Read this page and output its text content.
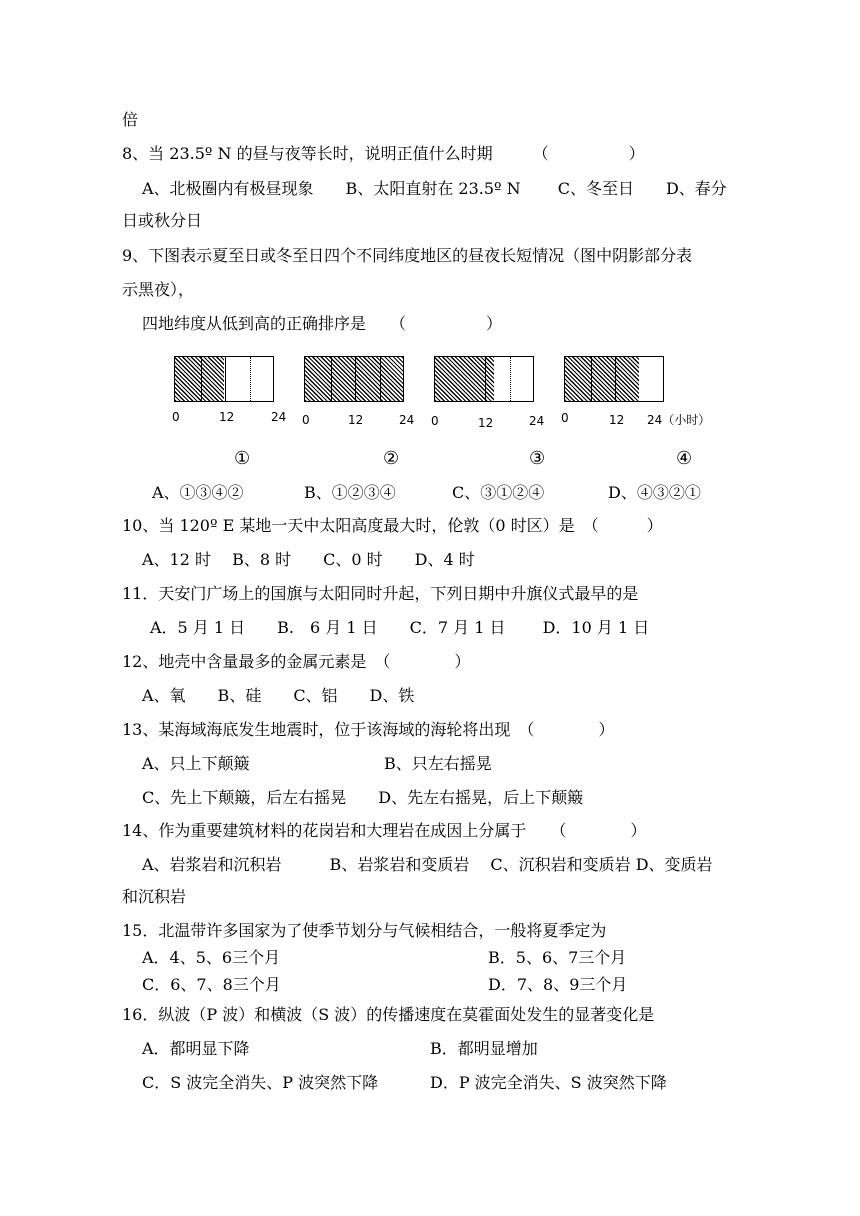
倍
8、当 23.5º N 的昼与夜等长时，说明正值什么时期　　　（　　　　　）
A、北极圈内有极昼现象　　B、太阳直射在 23.5º N　　 C、冬至日　　D、春分
日或秋分日
9、下图表示夏至日或冬至日四个不同纬度地区的昼夜长短情况（图中阴影部分表
示黑夜），
四地纬度从低到高的正确排序是　　（　　　　　）
0	12	24 0	12	24 0	12	24 0	12 24（小时）
①	②	③	④
A、①③④②	B、①②③④	C、③①②④	D、④③②①
10、当 120º E 某地一天中太阳高度最大时，伦敦（0 时区）是　（　　　）
A、12 时　 B、8 时　　C、0 时　　D、4 时
11．天安门广场上的国旗与太阳同时升起，下列日期中升旗仪式最早的是
A．5 月 1 日　　B.　6 月 1 日　　C．7 月 1 日　　 D．10 月 1 日
12、地壳中含量最多的金属元素是　（　　　　）
A、氧　　B、硅　　C、铝　　D、铁
13、某海域海底发生地震时，位于该海域的海轮将出现　（　　　　）
A、只上下颠簸	B、只左右摇晃
C、先上下颠簸，后左右摇晃　　D、先左右摇晃，后上下颠簸
14、作为重要建筑材料的花岗岩和大理岩在成因上分属于　　（　　　　）
A、岩浆岩和沉积岩　　　B、岩浆岩和变质岩　 C、沉积岩和变质岩 D、变质岩
和沉积岩
15．北温带许多国家为了使季节划分与气候相结合，一般将夏季定为
A．4、5、6三个月	B．5、6、7三个月
C．6、7、8三个月	D．7、8、9三个月
16．纵波（P 波）和横波（S 波）的传播速度在莫霍面处发生的显著变化是
A．都明显下降	B．都明显增加
C．S 波完全消失、P 波突然下降	D．P 波完全消失、S 波突然下降
